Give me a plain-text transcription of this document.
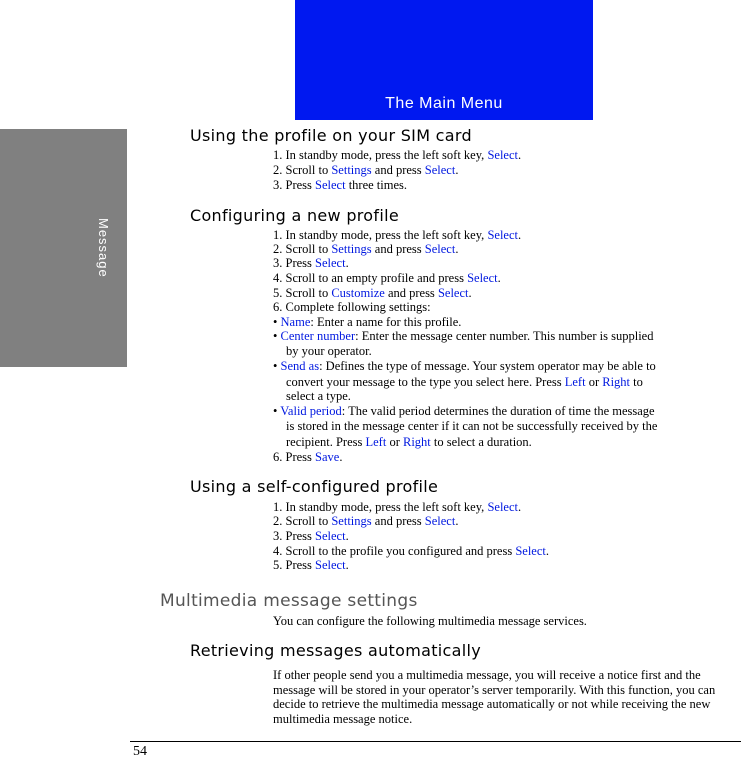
Message
The Main Menu
Using the profile on your SIM card
1. In standby mode, press the left soft key, Select.
2. Scroll to Settings and press Select.
3. Press Select three times.
Configuring a new profile
1. In standby mode, press the left soft key, Select.
2. Scroll to Settings and press Select.
3. Press Select.
4. Scroll to an empty profile and press Select.
5. Scroll to Customize and press Select.
6. Complete following settings:
• Name: Enter a name for this profile.
• Center number: Enter the message center number. This number is supplied
by your operator.
• Send as: Defines the type of message. Your system operator may be able to
convert your message to the type you select here. Press Left or Right to
select a type.
• Valid period: The valid period determines the duration of time the message
is stored in the message center if it can not be successfully received by the
recipient. Press Left or Right to select a duration.
6. Press Save.
Using a self-configured profile
1. In standby mode, press the left soft key, Select.
2. Scroll to Settings and press Select.
3. Press Select.
4. Scroll to the profile you configured and press Select.
5. Press Select.
Multimedia message settings
You can configure the following multimedia message services.
Retrieving messages automatically
If other people send you a multimedia message, you will receive a notice first and the message will be stored in your operator’s server temporarily. With this function, you can decide to retrieve the multimedia message automatically or not while receiving the new multimedia message notice.
54
